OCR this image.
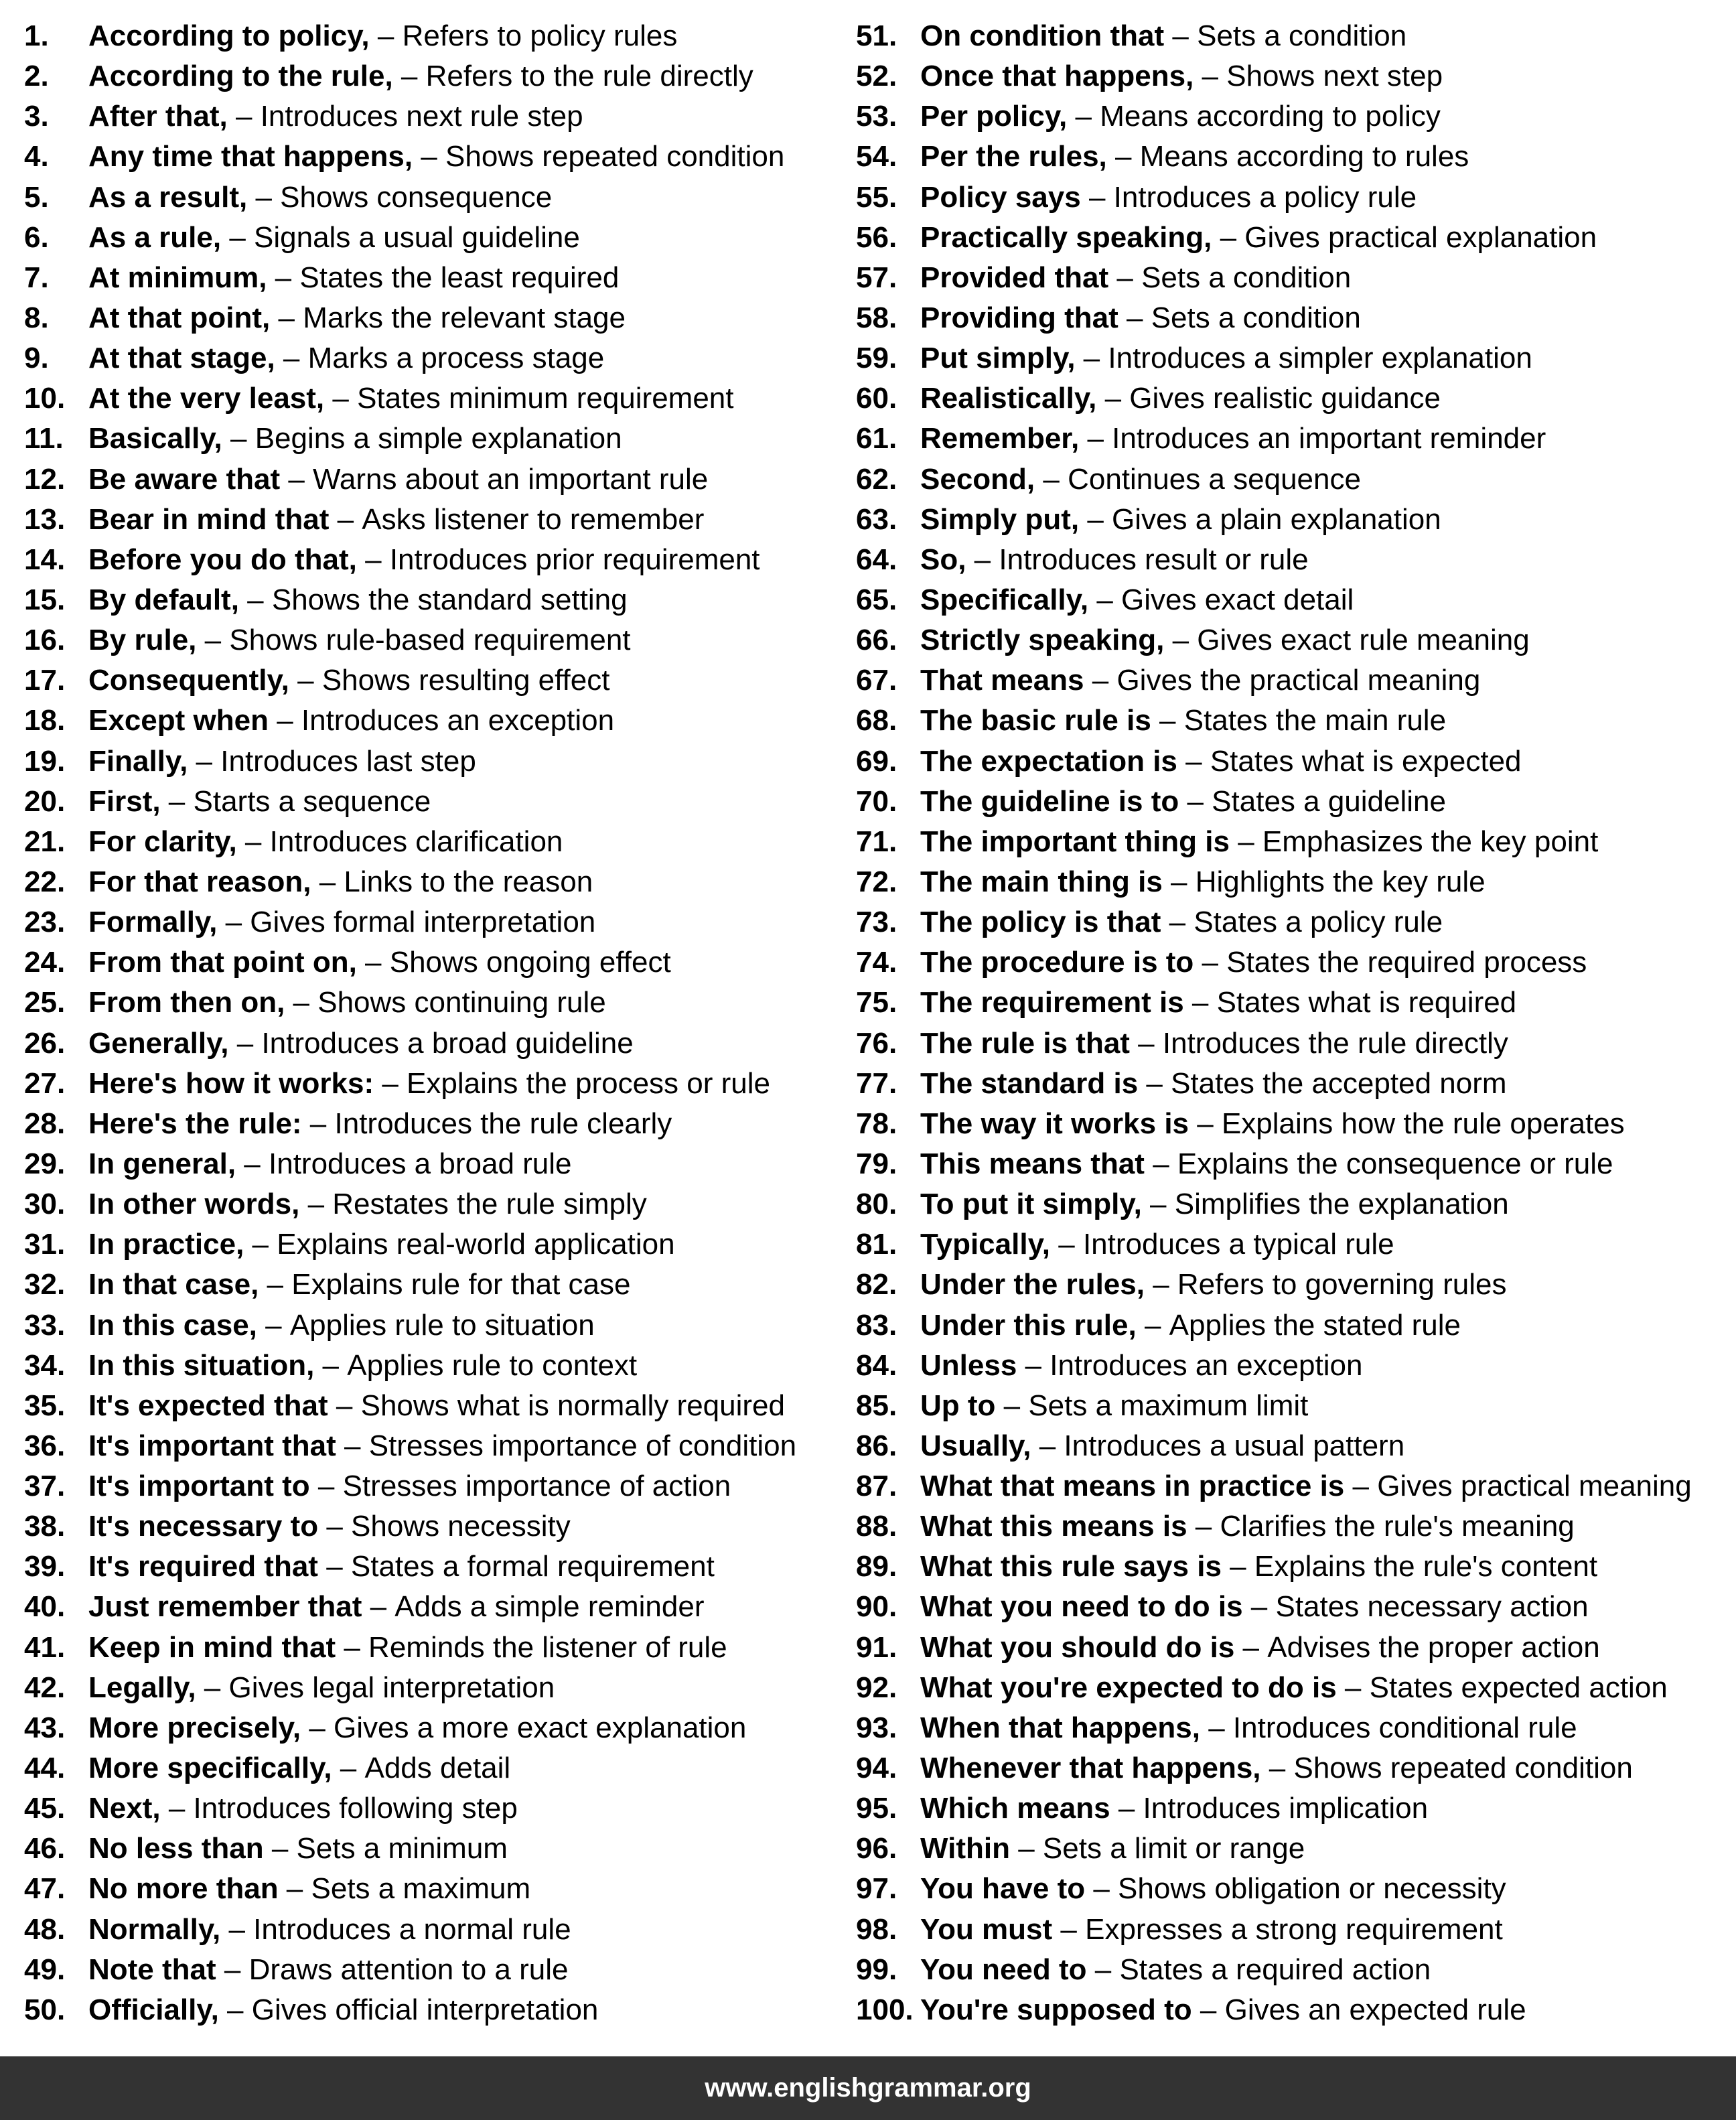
1.	According to policy, – Refers to policy rules
2.	According to the rule, – Refers to the rule directly
3.	After that, – Introduces next rule step
4.	Any time that happens, – Shows repeated condition
5.	As a result, – Shows consequence
6.	As a rule, – Signals a usual guideline
7.	At minimum, – States the least required
8.	At that point, – Marks the relevant stage
9.	At that stage, – Marks a process stage
10. At the very least, – States minimum requirement
11. Basically, – Begins a simple explanation
12. Be aware that – Warns about an important rule
13. Bear in mind that – Asks listener to remember
14. Before you do that, – Introduces prior requirement
15. By default, – Shows the standard setting
16. By rule, – Shows rule-based requirement
17. Consequently, – Shows resulting effect
18. Except when – Introduces an exception
19. Finally, – Introduces last step
20. First, – Starts a sequence
21. For clarity, – Introduces clarification
22. For that reason, – Links to the reason
23. Formally, – Gives formal interpretation
24. From that point on, – Shows ongoing effect
25. From then on, – Shows continuing rule
26. Generally, – Introduces a broad guideline
27. Here's how it works: – Explains the process or rule
28. Here's the rule: – Introduces the rule clearly
29. In general, – Introduces a broad rule
30. In other words, – Restates the rule simply
31. In practice, – Explains real-world application
32. In that case, – Explains rule for that case
33. In this case, – Applies rule to situation
34. In this situation, – Applies rule to context
35. It's expected that – Shows what is normally required
36. It's important that – Stresses importance of condition
37. It's important to – Stresses importance of action
38. It's necessary to – Shows necessity
39. It's required that – States a formal requirement
40. Just remember that – Adds a simple reminder
41. Keep in mind that – Reminds the listener of rule
42. Legally, – Gives legal interpretation
43. More precisely, – Gives a more exact explanation
44. More specifically, – Adds detail
45. Next, – Introduces following step
46. No less than – Sets a minimum
47. No more than – Sets a maximum
48. Normally, – Introduces a normal rule
49. Note that – Draws attention to a rule
50. Officially, – Gives official interpretation
51. On condition that – Sets a condition
52. Once that happens, – Shows next step
53. Per policy, – Means according to policy
54. Per the rules, – Means according to rules
55. Policy says – Introduces a policy rule
56. Practically speaking, – Gives practical explanation
57. Provided that – Sets a condition
58. Providing that – Sets a condition
59. Put simply, – Introduces a simpler explanation
60. Realistically, – Gives realistic guidance
61. Remember, – Introduces an important reminder
62. Second, – Continues a sequence
63. Simply put, – Gives a plain explanation
64. So, – Introduces result or rule
65. Specifically, – Gives exact detail
66. Strictly speaking, – Gives exact rule meaning
67. That means – Gives the practical meaning
68. The basic rule is – States the main rule
69. The expectation is – States what is expected
70. The guideline is to – States a guideline
71. The important thing is – Emphasizes the key point
72. The main thing is – Highlights the key rule
73. The policy is that – States a policy rule
74. The procedure is to – States the required process
75. The requirement is – States what is required
76. The rule is that – Introduces the rule directly
77. The standard is – States the accepted norm
78. The way it works is – Explains how the rule operates
79. This means that – Explains the consequence or rule
80. To put it simply, – Simplifies the explanation
81. Typically, – Introduces a typical rule
82. Under the rules, – Refers to governing rules
83. Under this rule, – Applies the stated rule
84. Unless – Introduces an exception
85. Up to – Sets a maximum limit
86. Usually, – Introduces a usual pattern
87. What that means in practice is – Gives practical meaning
88. What this means is – Clarifies the rule's meaning
89. What this rule says is – Explains the rule's content
90. What you need to do is – States necessary action
91. What you should do is – Advises the proper action
92. What you're expected to do is – States expected action
93. When that happens, – Introduces conditional rule
94. Whenever that happens, – Shows repeated condition
95. Which means – Introduces implication
96. Within – Sets a limit or range
97. You have to – Shows obligation or necessity
98. You must – Expresses a strong requirement
99. You need to – States a required action
100. You're supposed to – Gives an expected rule
www.englishgrammar.org
